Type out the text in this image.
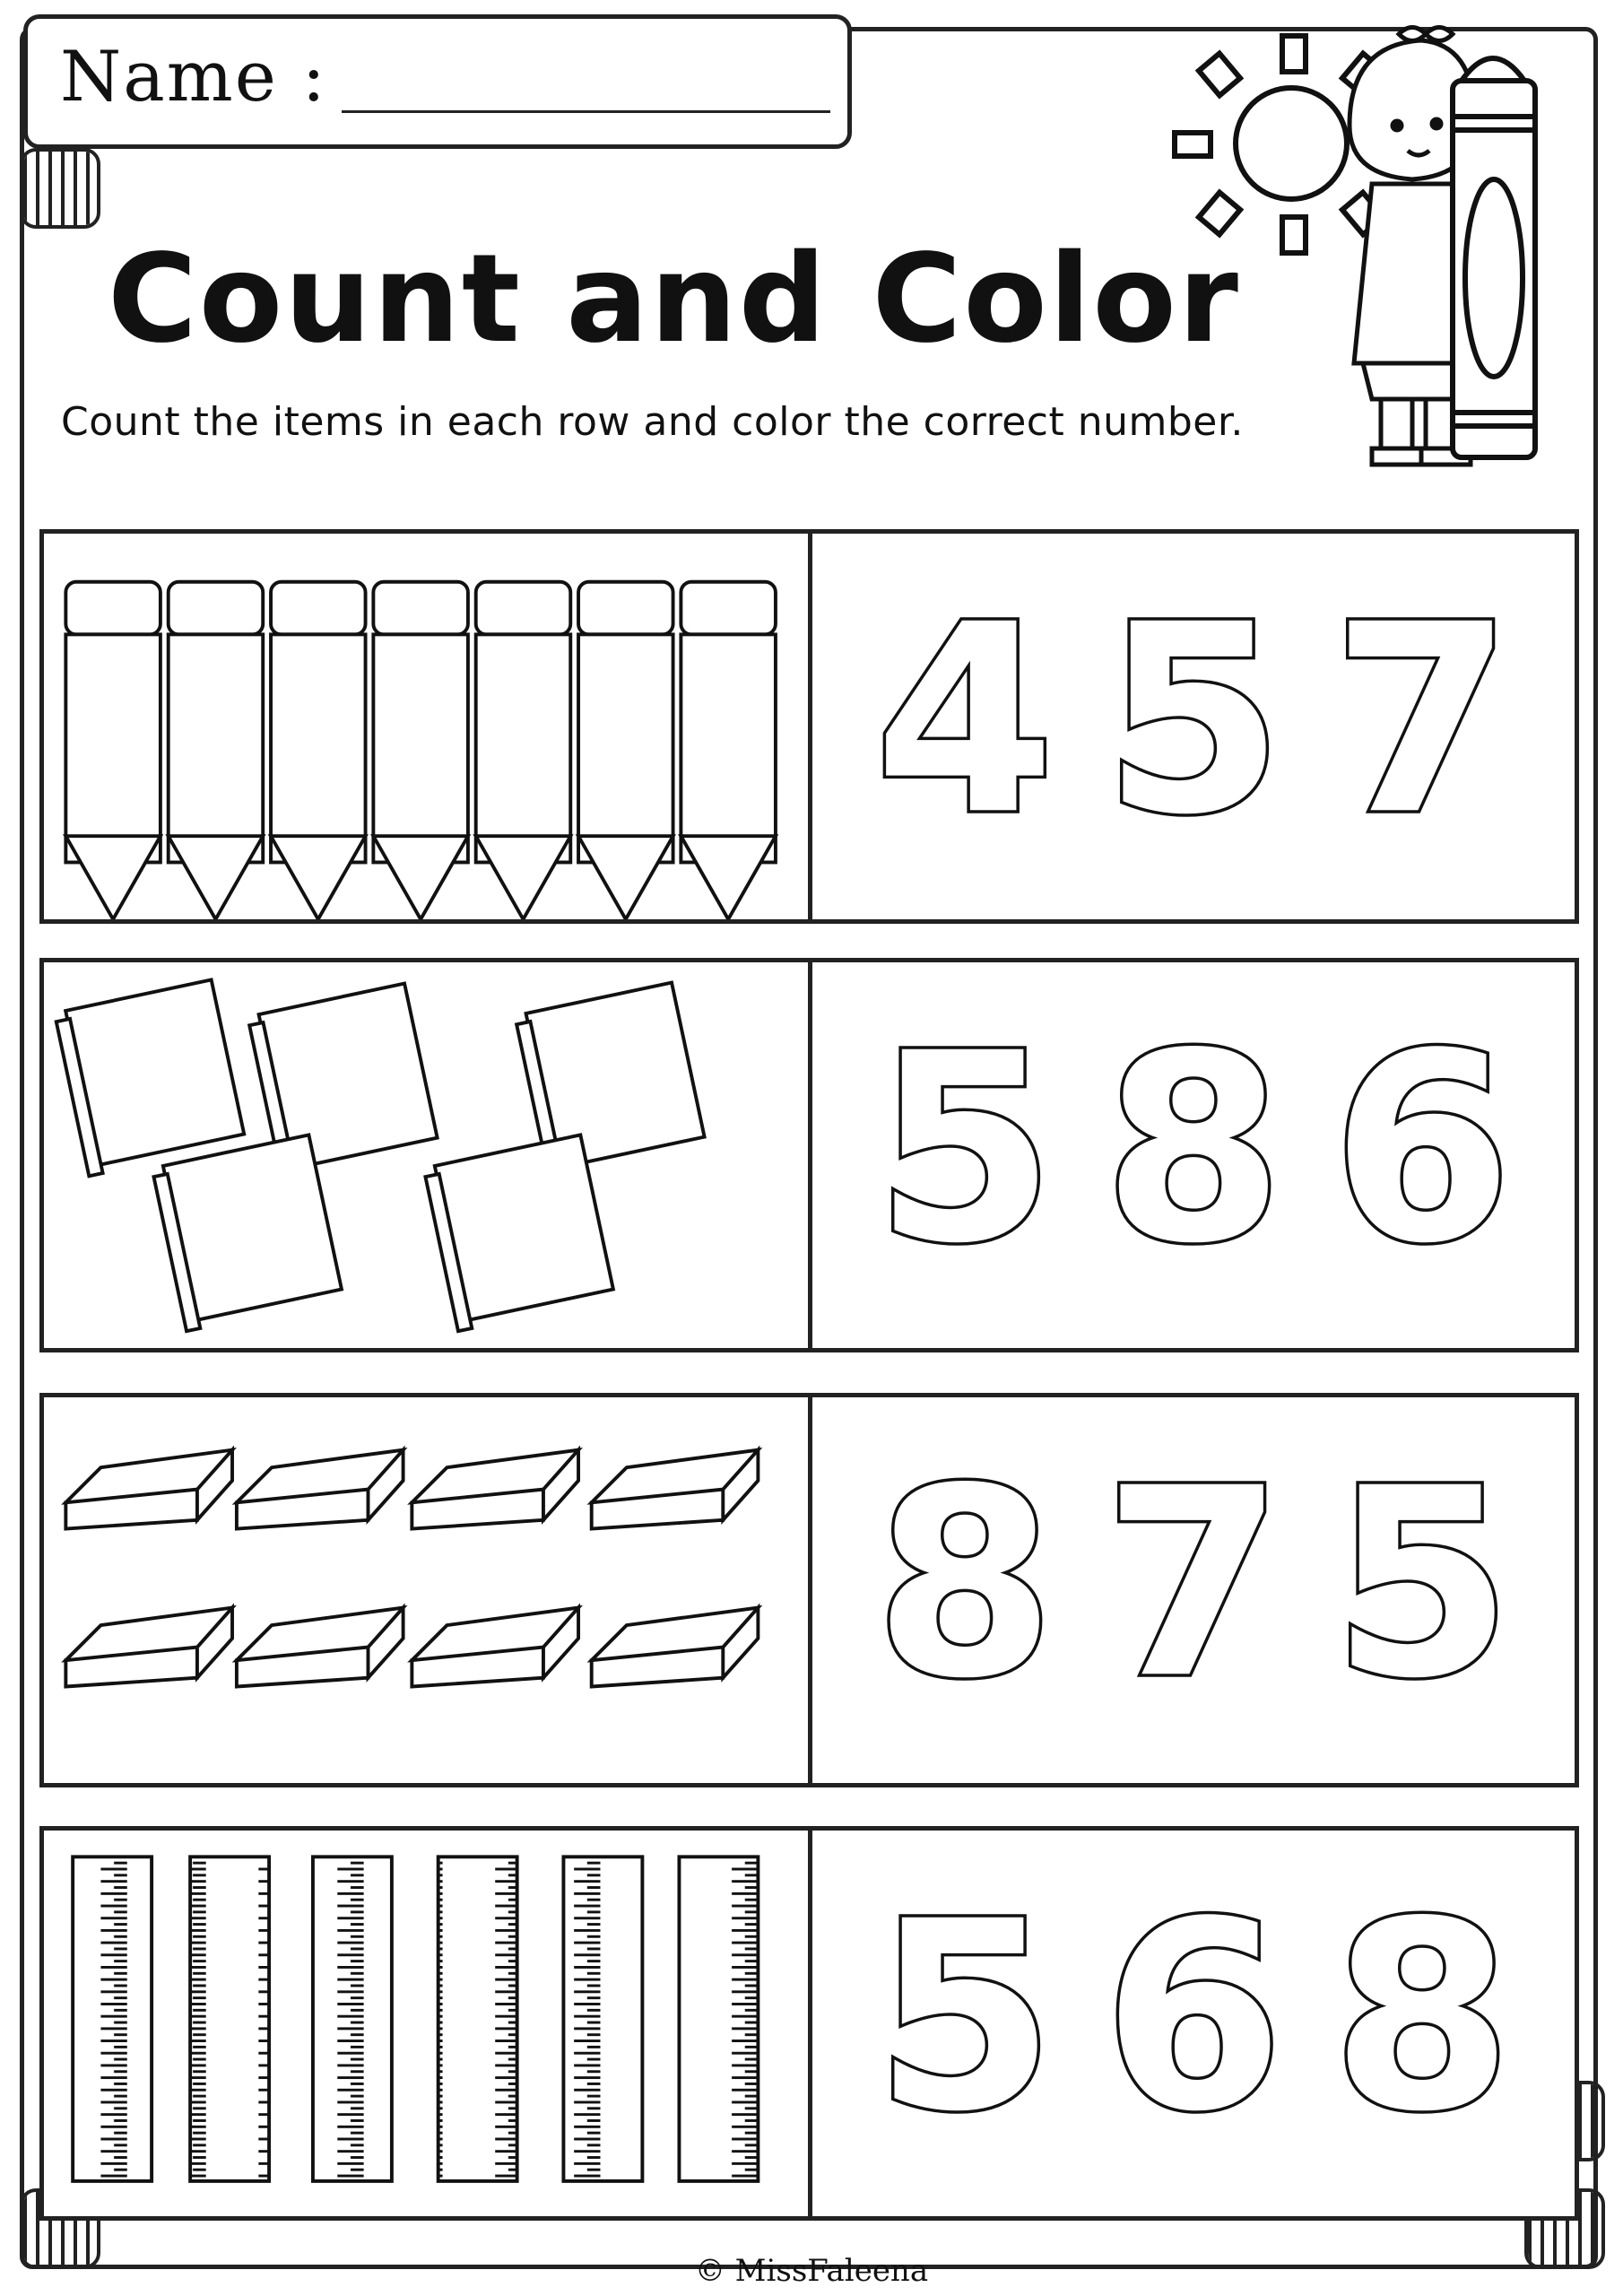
Name :
Count and Color
Count the items in each row and color the correct number.
4 5 7
5 8 6
8 7 5
5 6 8
© MissFaleena
